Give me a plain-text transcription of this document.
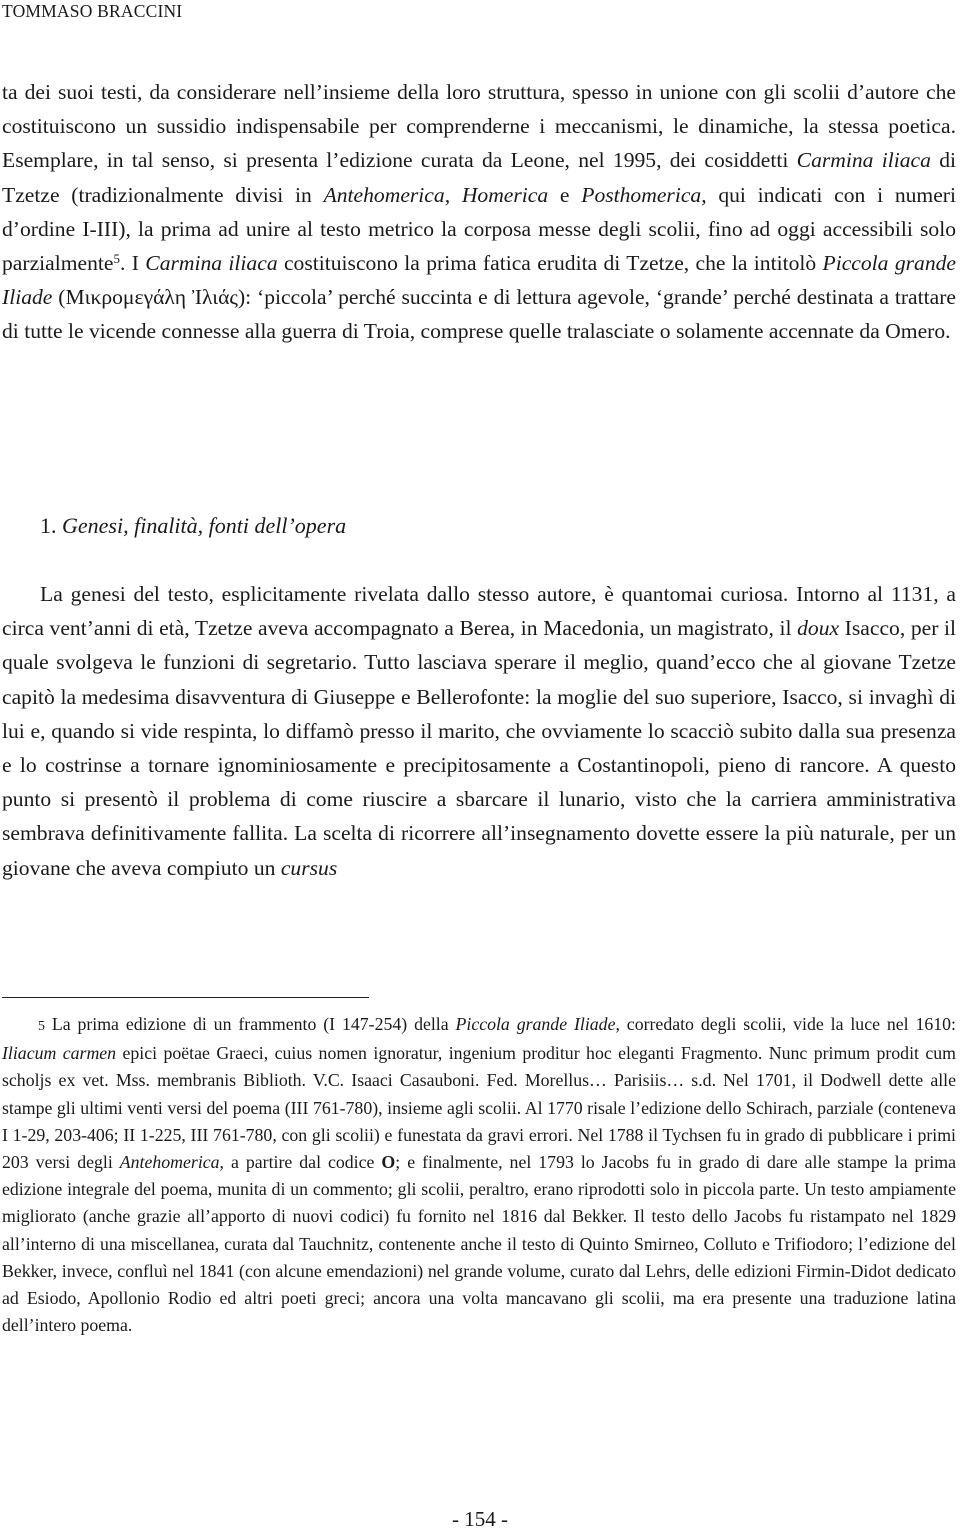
TOMMASO BRACCINI

ta dei suoi testi, da considerare nell’insieme della loro struttura, spesso in unione con gli scolii d’autore che costituiscono un sussidio indispensabile per comprenderne i meccanismi, le dinamiche, la stessa poetica. Esemplare, in tal senso, si presenta l’edizione curata da Leone, nel 1995, dei cosiddetti Carmina iliaca di Tzetze (tradizionalmente divisi in Antehomerica, Homerica e Posthomerica, qui indicati con i numeri d’ordine I-III), la prima ad unire al testo metrico la corposa messe degli scolii, fino ad oggi accessibili solo parzialmente$^5$. I Carmina iliaca costituiscono la prima fatica erudita di Tzetze, che la intitolò Piccola grande Iliade (Μικρομεγάλη Ἰλιάς): ‘piccola’ perché succinta e di lettura agevole, ‘grande’ perché destinata a trattare di tutte le vicende connesse alla guerra di Troia, comprese quelle tralasciate o solamente accennate da Omero.

1. Genesi, finalità, fonti dell’opera

La genesi del testo, esplicitamente rivelata dallo stesso autore, è quantomai curiosa. Intorno al 1131, a circa vent’anni di età, Tzetze aveva accompagnato a Berea, in Macedonia, un magistrato, il doux Isacco, per il quale svolgeva le funzioni di segretario. Tutto lasciava sperare il meglio, quand’ecco che al giovane Tzetze capitò la medesima disavventura di Giuseppe e Bellerofonte: la moglie del suo superiore, Isacco, si invaghì di lui e, quando si vide respinta, lo diffamò presso il marito, che ovviamente lo scacciò subito dalla sua presenza e lo costrinse a tornare ignominiosamente e precipitosamente a Costantinopoli, pieno di rancore. A questo punto si presentò il problema di come riuscire a sbarcare il lunario, visto che la carriera amministrativa sembrava definitivamente fallita. La scelta di ricorrere all’insegnamento dovette essere la più naturale, per un giovane che aveva compiuto un cursus

5 La prima edizione di un frammento (I 147-254) della Piccola grande Iliade, corredato degli scolii, vide la luce nel 1610: Iliacum carmen epici poëtae Graeci, cuius nomen ignoratur, ingenium proditur hoc eleganti Fragmento. Nunc primum prodit cum scholjs ex vet. Mss. membranis Biblioth. V.C. Isaaci Casauboni. Fed. Morellus… Parisiis… s.d. Nel 1701, il Dodwell dette alle stampe gli ultimi venti versi del poema (III 761-780), insieme agli scolii. Al 1770 risale l’edizione dello Schirach, parziale (conteneva I 1-29, 203-406; II 1-225, III 761-780, con gli scolii) e funestata da gravi errori. Nel 1788 il Tychsen fu in grado di pubblicare i primi 203 versi degli Antehomerica, a partire dal codice O; e finalmente, nel 1793 lo Jacobs fu in grado di dare alle stampe la prima edizione integrale del poema, munita di un commento; gli scolii, peraltro, erano riprodotti solo in piccola parte. Un testo ampiamente migliorato (anche grazie all’apporto di nuovi codici) fu fornito nel 1816 dal Bekker. Il testo dello Jacobs fu ristampato nel 1829 all’interno di una miscellanea, curata dal Tauchnitz, contenente anche il testo di Quinto Smirneo, Colluto e Trifiodoro; l’edizione del Bekker, invece, confluì nel 1841 (con alcune emendazioni) nel grande volume, curato dal Lehrs, delle edizioni Firmin-Didot dedicato ad Esiodo, Apollonio Rodio ed altri poeti greci; ancora una volta mancavano gli scolii, ma era presente una traduzione latina dell’intero poema.

- 154 -
